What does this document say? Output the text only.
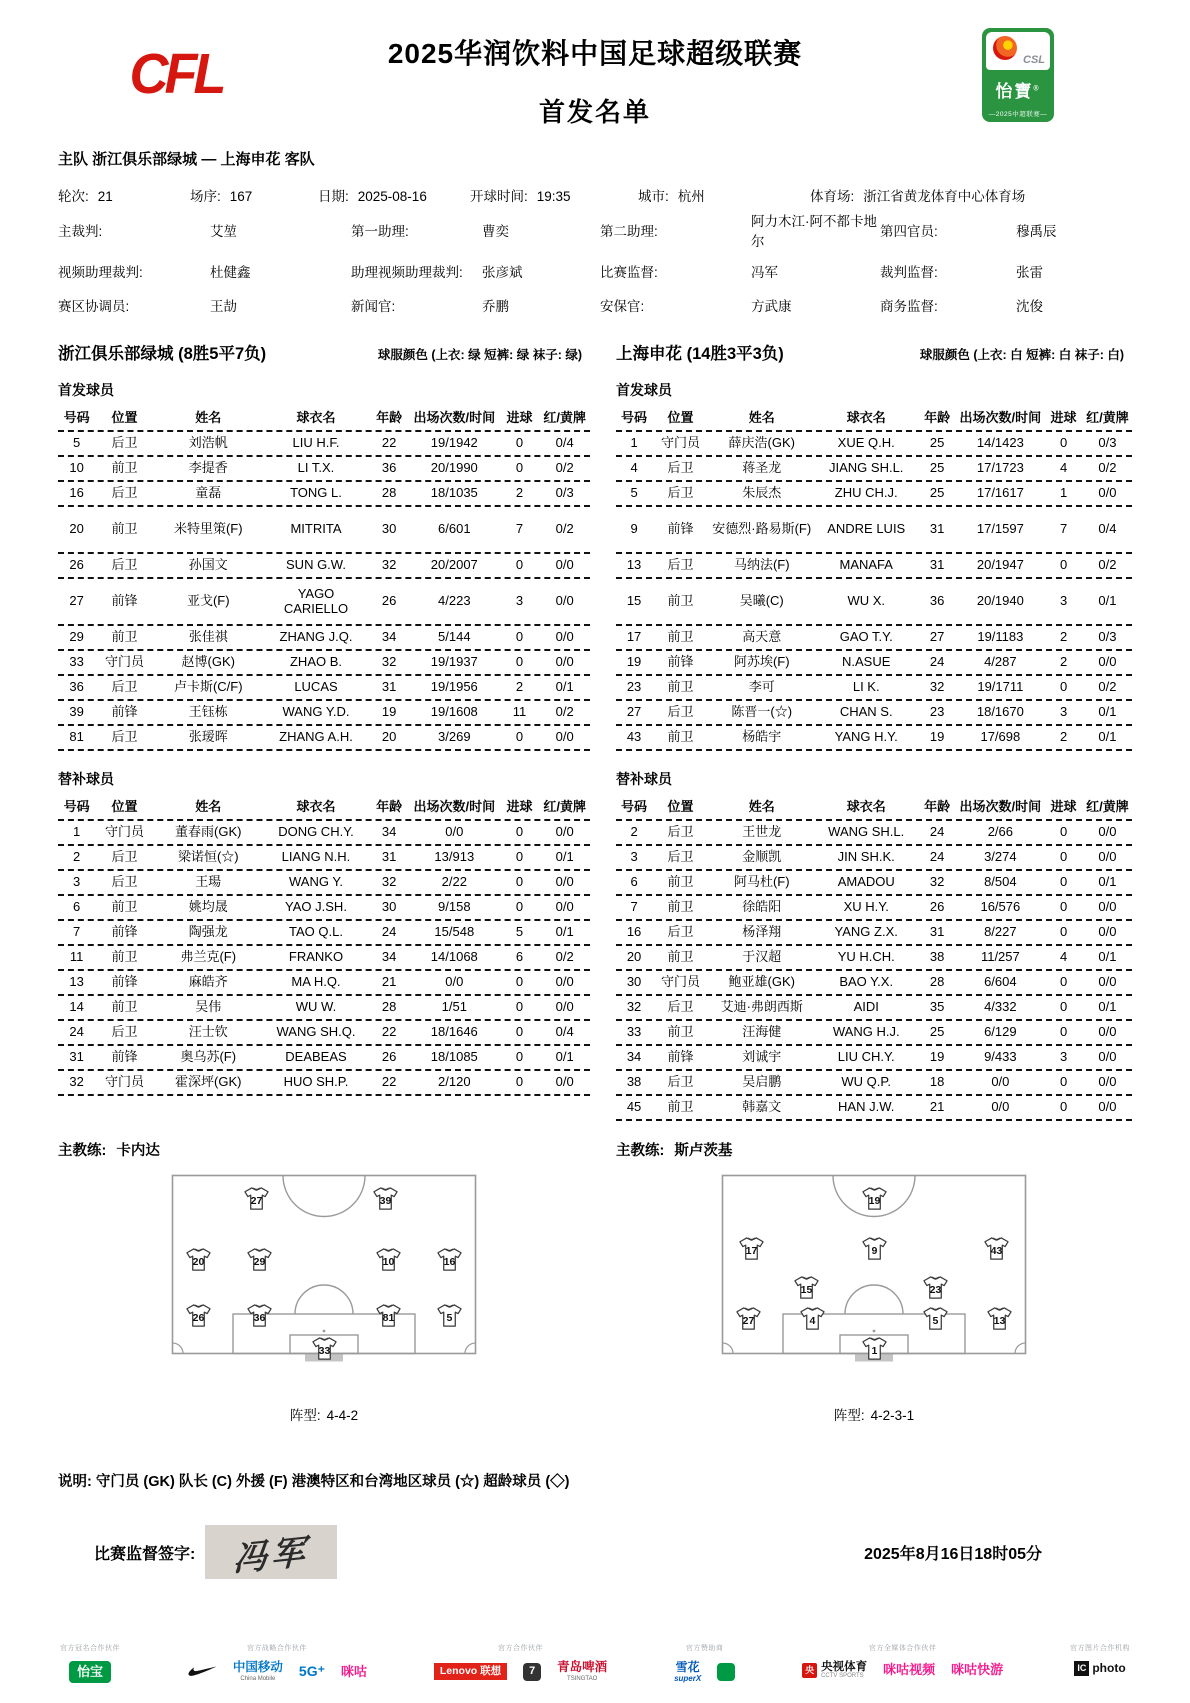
CFL	2025华润饮料中国足球超级联赛
首发名单
CSL
怡寶®
—2025中超联赛—
主队 浙江俱乐部绿城 — 上海申花 客队
轮次: 21	场序: 167	日期: 2025-08-16	开球时间: 19:35	城市: 杭州	体育场: 浙江省黄龙体育中心体育场
主裁判:	艾堃	第一助理:	曹奕	第二助理:
阿力木江·阿不都卡地尔
第四官员:	穆禹辰
视频助理裁判:	杜健鑫	助理视频助理裁判:	张彦斌	比赛监督:	冯军	裁判监督:	张雷
赛区协调员:	王劼	新闻官:	乔鹏	安保官:	方武康	商务监督:	沈俊
浙江俱乐部绿城 (8胜5平7负)	球服颜色 (上衣: 绿 短裤: 绿 袜子: 绿)	上海申花 (14胜3平3负)	球服颜色 (上衣: 白 短裤: 白 袜子: 白)
首发球员	首发球员
号码	位置	姓名	球衣名	年龄 出场次数/时间 进球 红/黄牌
5	后卫	刘浩帆	LIU H.F.	22	19/1942	0	0/4
10	前卫	李提香	LI T.X.	36	20/1990	0	0/2
16	后卫	童磊	TONG L.	28	18/1035	2	0/3
20	前卫	米特里策(F)	MITRITA	30	6/601	7	0/2
26	后卫	孙国文	SUN G.W.	32	20/2007	0	0/0
27	前锋	亚戈(F)	YAGO CARIELLO	26	4/223	3	0/0
29	前卫	张佳祺	ZHANG J.Q.	34	5/144	0	0/0
33	守门员	赵博(GK)	ZHAO B.	32	19/1937	0	0/0
36	后卫	卢卡斯(C/F)	LUCAS	31	19/1956	2	0/1
39	前锋	王钰栋	WANG Y.D.	19	19/1608	11	0/2
81	后卫	张瑷晖	ZHANG A.H.	20	3/269	0	0/0
号码	位置	姓名	球衣名	年龄 出场次数/时间 进球 红/黄牌
1	守门员	薛庆浩(GK)	XUE Q.H.	25	14/1423	0	0/3
4	后卫	蒋圣龙	JIANG SH.L.	25	17/1723	4	0/2
5	后卫	朱辰杰	ZHU CH.J.	25	17/1617	1	0/0
9	前锋	安德烈·路易斯(F)	ANDRE LUIS	31	17/1597	7	0/4
13	后卫	马纳法(F)	MANAFA	31	20/1947	0	0/2
15	前卫	吴曦(C)	WU X.	36	20/1940	3	0/1
17	前卫	高天意	GAO T.Y.	27	19/1183	2	0/3
19	前锋	阿苏埃(F)	N.ASUE	24	4/287	2	0/0
23	前卫	李可	LI K.	32	19/1711	0	0/2
27	后卫	陈晋一(☆)	CHAN S.	23	18/1670	3	0/1
43	前卫	杨皓宇	YANG H.Y.	19	17/698	2	0/1
替补球员	替补球员
号码	位置	姓名	球衣名	年龄 出场次数/时间 进球 红/黄牌
1	守门员	董春雨(GK)	DONG CH.Y.	34	0/0	0	0/0
2	后卫	梁诺恒(☆)	LIANG N.H.	31	13/913	0	0/1
3	后卫	王瑒	WANG Y.	32	2/22	0	0/0
6	前卫	姚均晟	YAO J.SH.	30	9/158	0	0/0
7	前锋	陶强龙	TAO Q.L.	24	15/548	5	0/1
11	前卫	弗兰克(F)	FRANKO	34	14/1068	6	0/2
13	前锋	麻皓齐	MA H.Q.	21	0/0	0	0/0
14	前卫	吴伟	WU W.	28	1/51	0	0/0
24	后卫	汪士钦	WANG SH.Q.	22	18/1646	0	0/4
31	前锋	奥乌苏(F)	DEABEAS	26	18/1085	0	0/1
32	守门员	霍深坪(GK)	HUO SH.P.	22	2/120	0	0/0
号码	位置	姓名	球衣名	年龄 出场次数/时间 进球 红/黄牌
2	后卫	王世龙	WANG SH.L.	24	2/66	0	0/0
3	后卫	金顺凯	JIN SH.K.	24	3/274	0	0/0
6	前卫	阿马杜(F)	AMADOU	32	8/504	0	0/1
7	前卫	徐皓阳	XU H.Y.	26	16/576	0	0/0
16	后卫	杨泽翔	YANG Z.X.	31	8/227	0	0/0
20	前卫	于汉超	YU H.CH.	38	11/257	4	0/1
30	守门员	鲍亚雄(GK)	BAO Y.X.	28	6/604	0	0/0
32	后卫	艾迪·弗朗西斯	AIDI	35	4/332	0	0/1
33	前卫	汪海健	WANG H.J.	25	6/129	0	0/0
34	前锋	刘诚宇	LIU CH.Y.	19	9/433	3	0/0
38	后卫	吴启鹏	WU Q.P.	18	0/0	0	0/0
45	前卫	韩嘉文	HAN J.W.	21	0/0	0	0/0
主教练: 卡内达	主教练: 斯卢茨基
27	39
20	29	10	16
26	36	81	5
33
19
17	9	43
15	23
27	4	5	13
1
阵型: 4-4-2	阵型: 4-2-3-1
说明: 守门员 (GK) 队长 (C) 外援 (F) 港澳特区和台湾地区球员 (☆) 超龄球员 (◇)
比赛监督签字: 冯军	2025年8月16日18时05分
官方冠名合作伙伴
怡宝
官方战略合作伙伴
中国移动
China Mobile 5G⁺ 咪咕
官方合作伙伴
Lenovo 联想	7	青岛啤酒
TSINGTAO
官方赞助商
雪花
superX
官方全媒体合作伙伴
央 央视体育
CCTV SPORTS 咪咕视频 咪咕快游
官方图片合作机构
IC photo
